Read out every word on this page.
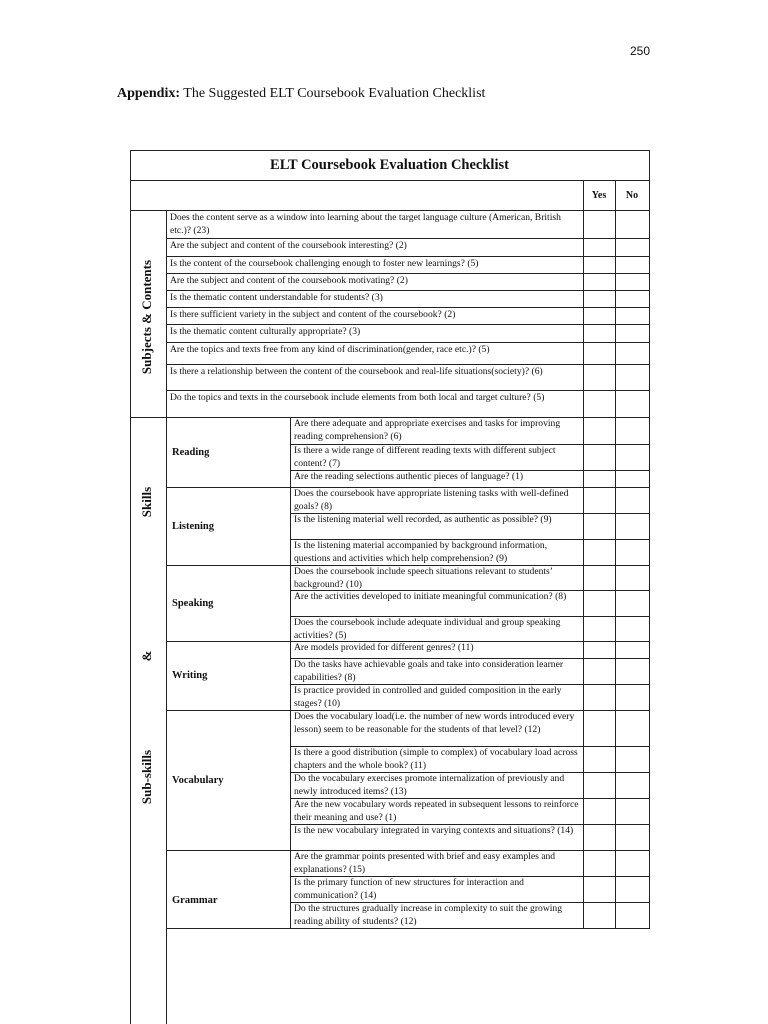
250
Appendix: The Suggested ELT Coursebook Evaluation Checklist
ELT Coursebook Evaluation Checklist
Yes	No
Subjects & Contents
Skills
&
Sub-skills
Does the content serve as a window into learning about the target language culture (American, British etc.)? (23)
Are the subject and content of the coursebook interesting? (2)
Is the content of the coursebook challenging enough to foster new learnings? (5)
Are the subject and content of the coursebook motivating? (2)
Is the thematic content understandable for students? (3)
Is there sufficient variety in the subject and content of the coursebook? (2)
Is the thematic content culturally appropriate? (3)
Are the topics and texts free from any kind of discrimination(gender, race etc.)? (5)
Is there a relationship between the content of the coursebook and real-life situations(society)? (6)
Do the topics and texts in the coursebook include elements from both local and target culture? (5)
Reading
Are there adequate and appropriate exercises and tasks for improving reading comprehension? (6)
Is there a wide range of different reading texts with different subject content? (7)
Are the reading selections authentic pieces of language? (1)
Listening
Does the coursebook have appropriate listening tasks with well-defined goals? (8)
Is the listening material well recorded, as authentic as possible? (9)
Is the listening material accompanied by background information, questions and activities which help comprehension? (9)
Speaking
Does the coursebook include speech situations relevant to students’ background? (10)
Are the activities developed to initiate meaningful communication? (8)
Does the coursebook include adequate individual and group speaking activities? (5)
Writing
Are models provided for different genres? (11)
Do the tasks have achievable goals and take into consideration learner capabilities? (8)
Is practice provided in controlled and guided composition in the early stages? (10)
Vocabulary
Does the vocabulary load(i.e. the number of new words introduced every lesson) seem to be reasonable for the students of that level? (12)
Is there a good distribution (simple to complex) of vocabulary load across chapters and the whole book? (11)
Do the vocabulary exercises promote internalization of previously and newly introduced items? (13)
Are the new vocabulary words repeated in subsequent lessons to reinforce their meaning and use? (1)
Is the new vocabulary integrated in varying contexts and situations? (14)
Grammar
Are the grammar points presented with brief and easy examples and explanations? (15)
Is the primary function of new structures for interaction and communication? (14)
Do the structures gradually increase in complexity to suit the growing reading ability of students? (12)
